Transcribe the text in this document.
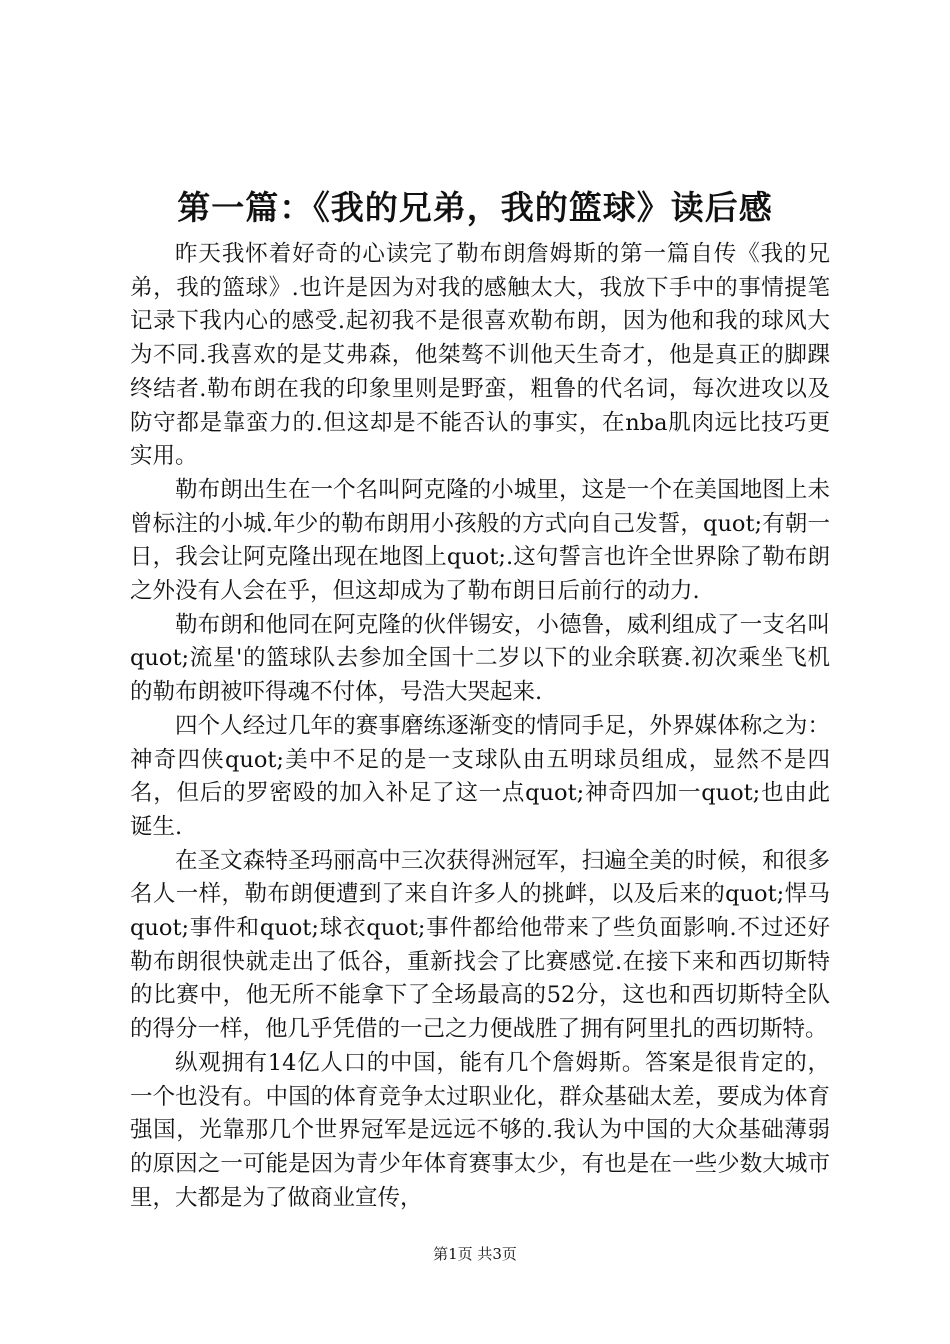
第一篇：《我的兄弟，我的篮球》读后感

昨天我怀着好奇的心读完了勒布朗詹姆斯的第一篇自传《我的兄弟，我的篮球》.也许是因为对我的感触太大，我放下手中的事情提笔记录下我内心的感受.起初我不是很喜欢勒布朗，因为他和我的球风大为不同.我喜欢的是艾弗森，他桀骜不训他天生奇才，他是真正的脚踝终结者.勒布朗在我的印象里则是野蛮，粗鲁的代名词，每次进攻以及防守都是靠蛮力的.但这却是不能否认的事实，在nba肌肉远比技巧更实用。

勒布朗出生在一个名叫阿克隆的小城里，这是一个在美国地图上未曾标注的小城.年少的勒布朗用小孩般的方式向自己发誓，quot;有朝一日，我会让阿克隆出现在地图上quot;.这句誓言也许全世界除了勒布朗之外没有人会在乎，但这却成为了勒布朗日后前行的动力.

勒布朗和他同在阿克隆的伙伴锡安，小德鲁，威利组成了一支名叫quot;流星'的篮球队去参加全国十二岁以下的业余联赛.初次乘坐飞机的勒布朗被吓得魂不付体，号浩大哭起来.

四个人经过几年的赛事磨练逐渐变的情同手足，外界媒体称之为：神奇四侠quot;美中不足的是一支球队由五明球员组成，显然不是四名，但后的罗密殴的加入补足了这一点quot;神奇四加一quot;也由此诞生.

在圣文森特圣玛丽高中三次获得洲冠军，扫遍全美的时候，和很多名人一样，勒布朗便遭到了来自许多人的挑衅，以及后来的quot;悍马quot;事件和quot;球衣quot;事件都给他带来了些负面影响.不过还好勒布朗很快就走出了低谷，重新找会了比赛感觉.在接下来和西切斯特的比赛中，他无所不能拿下了全场最高的52分，这也和西切斯特全队的得分一样，他几乎凭借的一己之力便战胜了拥有阿里扎的西切斯特。

纵观拥有14亿人口的中国，能有几个詹姆斯。答案是很肯定的，一个也没有。中国的体育竞争太过职业化，群众基础太差，要成为体育强国，光靠那几个世界冠军是远远不够的.我认为中国的大众基础薄弱的原因之一可能是因为青少年体育赛事太少，有也是在一些少数大城市里，大都是为了做商业宣传，

第1页 共3页
